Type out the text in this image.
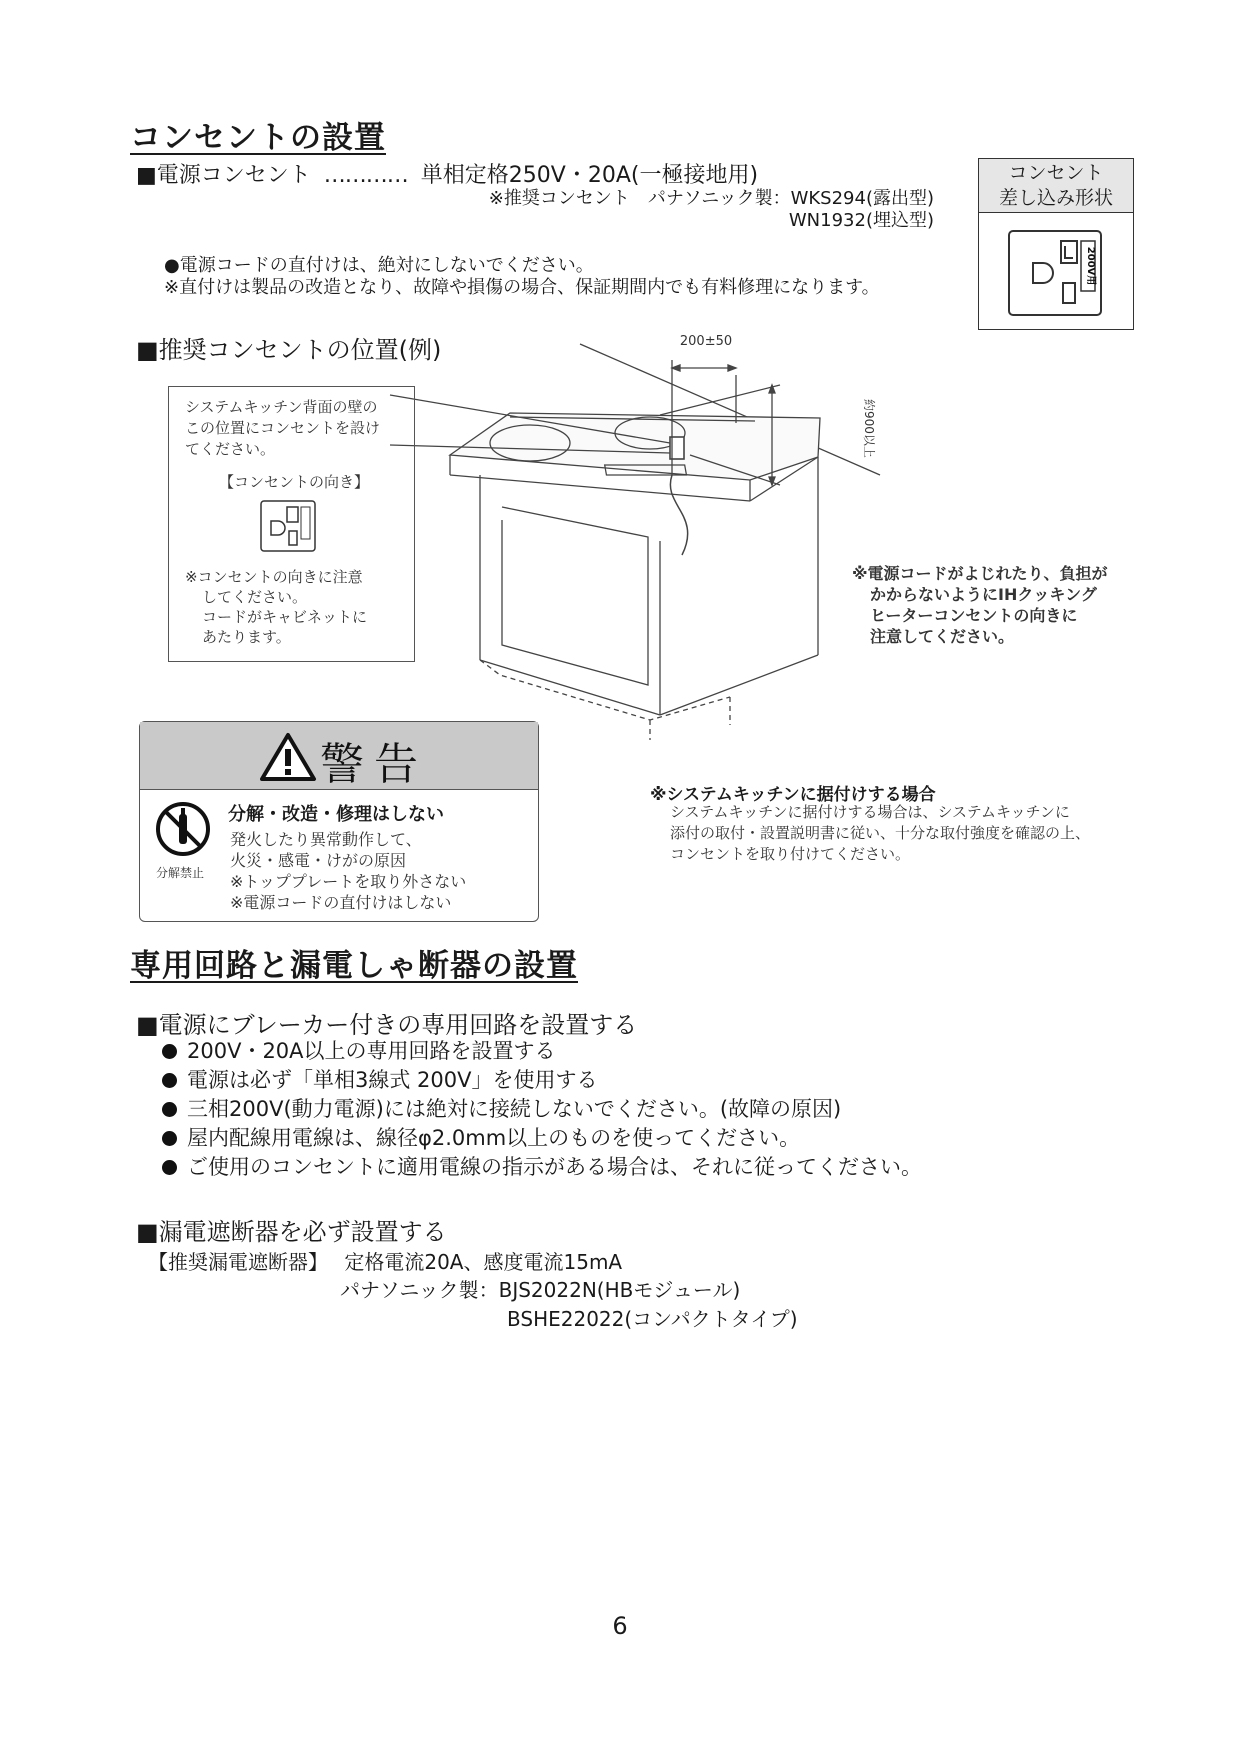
コンセントの設置
■電源コンセント ………… 単相定格250V・20A(一極接地用)
※推奨コンセント　パナソニック製：WKS294(露出型)
WN1932(埋込型)
●電源コードの直付けは、絶対にしないでください。
※直付けは製品の改造となり、故障や損傷の場合、保証期間内でも有料修理になります。
コンセント
差し込み形状
200V用
■推奨コンセントの位置(例)	200±50
約900以上
システムキッチン背面の壁の
この位置にコンセントを設け
てください。
【コンセントの向き】
※コンセントの向きに注意
してください。
コードがキャビネットに
あたります。
※電源コードがよじれたり、負担が
かからないようにIHクッキング
ヒーターコンセントの向きに
注意してください。
警告
分解禁止
分解・改造・修理はしない
発火したり異常動作して、
火災・感電・けがの原因
※トッププレートを取り外さない
※電源コードの直付けはしない
※システムキッチンに据付けする場合
システムキッチンに据付けする場合は、システムキッチンに
添付の取付・設置説明書に従い、十分な取付強度を確認の上、
コンセントを取り付けてください。
専用回路と漏電しゃ断器の設置
■電源にブレーカー付きの専用回路を設置する
200V・20A以上の専用回路を設置する
電源は必ず「単相3線式 200V」を使用する
三相200V(動力電源)には絶対に接続しないでください。(故障の原因)
屋内配線用電線は、線径φ2.0mm以上のものを使ってください。
ご使用のコンセントに適用電線の指示がある場合は、それに従ってください。
■漏電遮断器を必ず設置する
【推奨漏電遮断器】 定格電流20A、感度電流15mA
パナソニック製：BJS2022N(HBモジュール)
BSHE22022(コンパクトタイプ)
6
